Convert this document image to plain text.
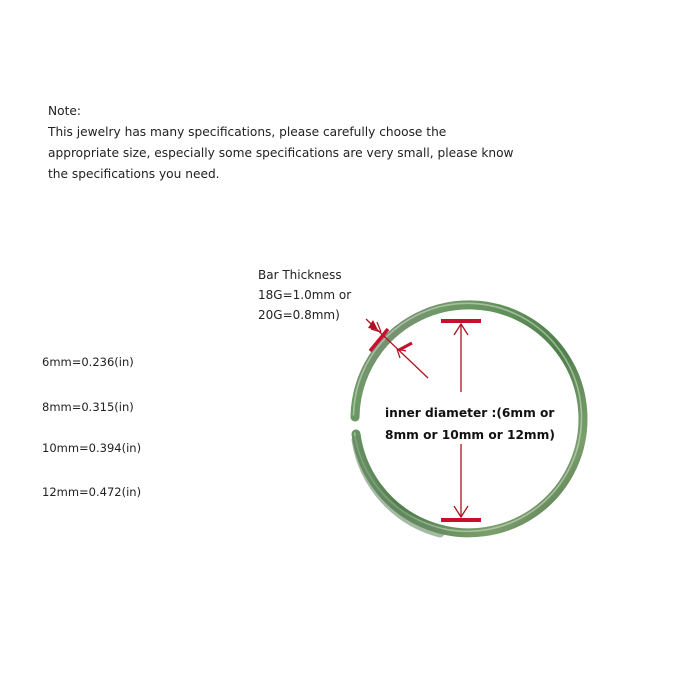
Note:
This jewelry has many specifications, please carefully choose the
appropriate size, especially some specifications are very small, please know
the specifications you need.
Bar Thickness
18G=1.0mm or
20G=0.8mm)
6mm=0.236(in)
8mm=0.315(in)
10mm=0.394(in)
12mm=0.472(in)
inner diameter :(6mm or
8mm or 10mm or 12mm)
